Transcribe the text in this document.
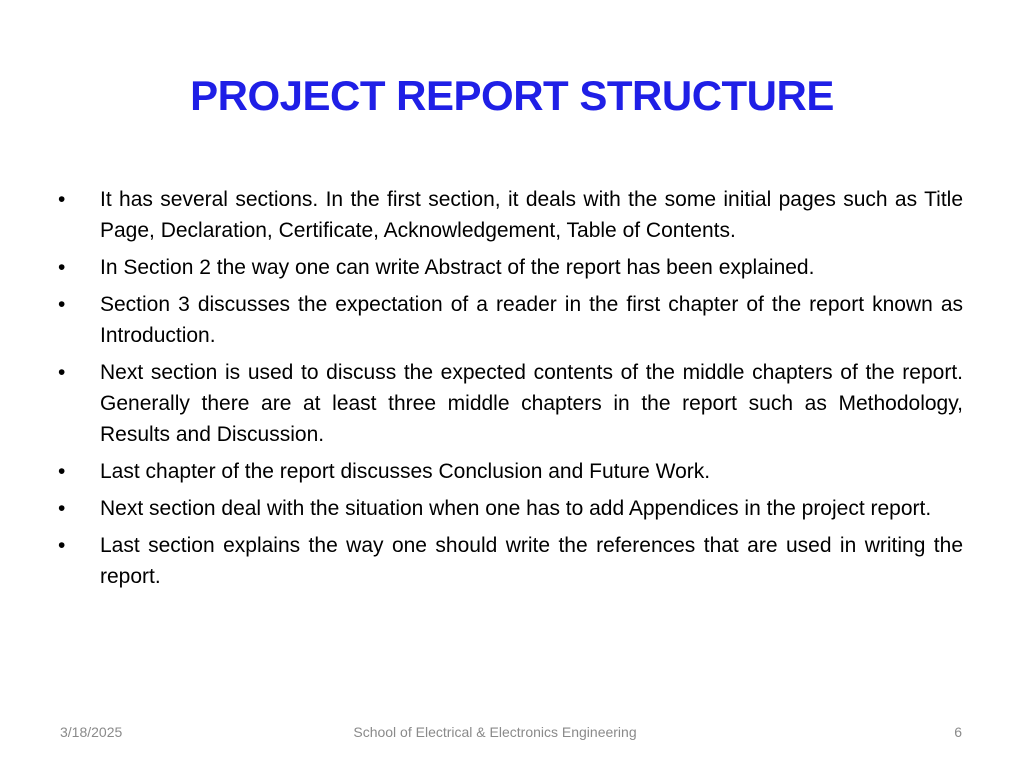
PROJECT REPORT STRUCTURE
•	It has several sections. In the first section, it deals with the some initial pages such as Title Page, Declaration, Certificate, Acknowledgement, Table of Contents.
•	In Section 2 the way one can write Abstract of the report has been explained.
•	Section 3 discusses the expectation of a reader in the first chapter of the report known as Introduction.
•	Next section is used to discuss the expected contents of the middle chapters of the report. Generally there are at least three middle chapters in the report such as Methodology, Results and Discussion.
•	Last chapter of the report discusses Conclusion and Future Work.
•	Next section deal with the situation when one has to add Appendices in the project report.
•	Last section explains the way one should write the references that are used in writing the report.
3/18/2025	School of Electrical & Electronics Engineering	6
